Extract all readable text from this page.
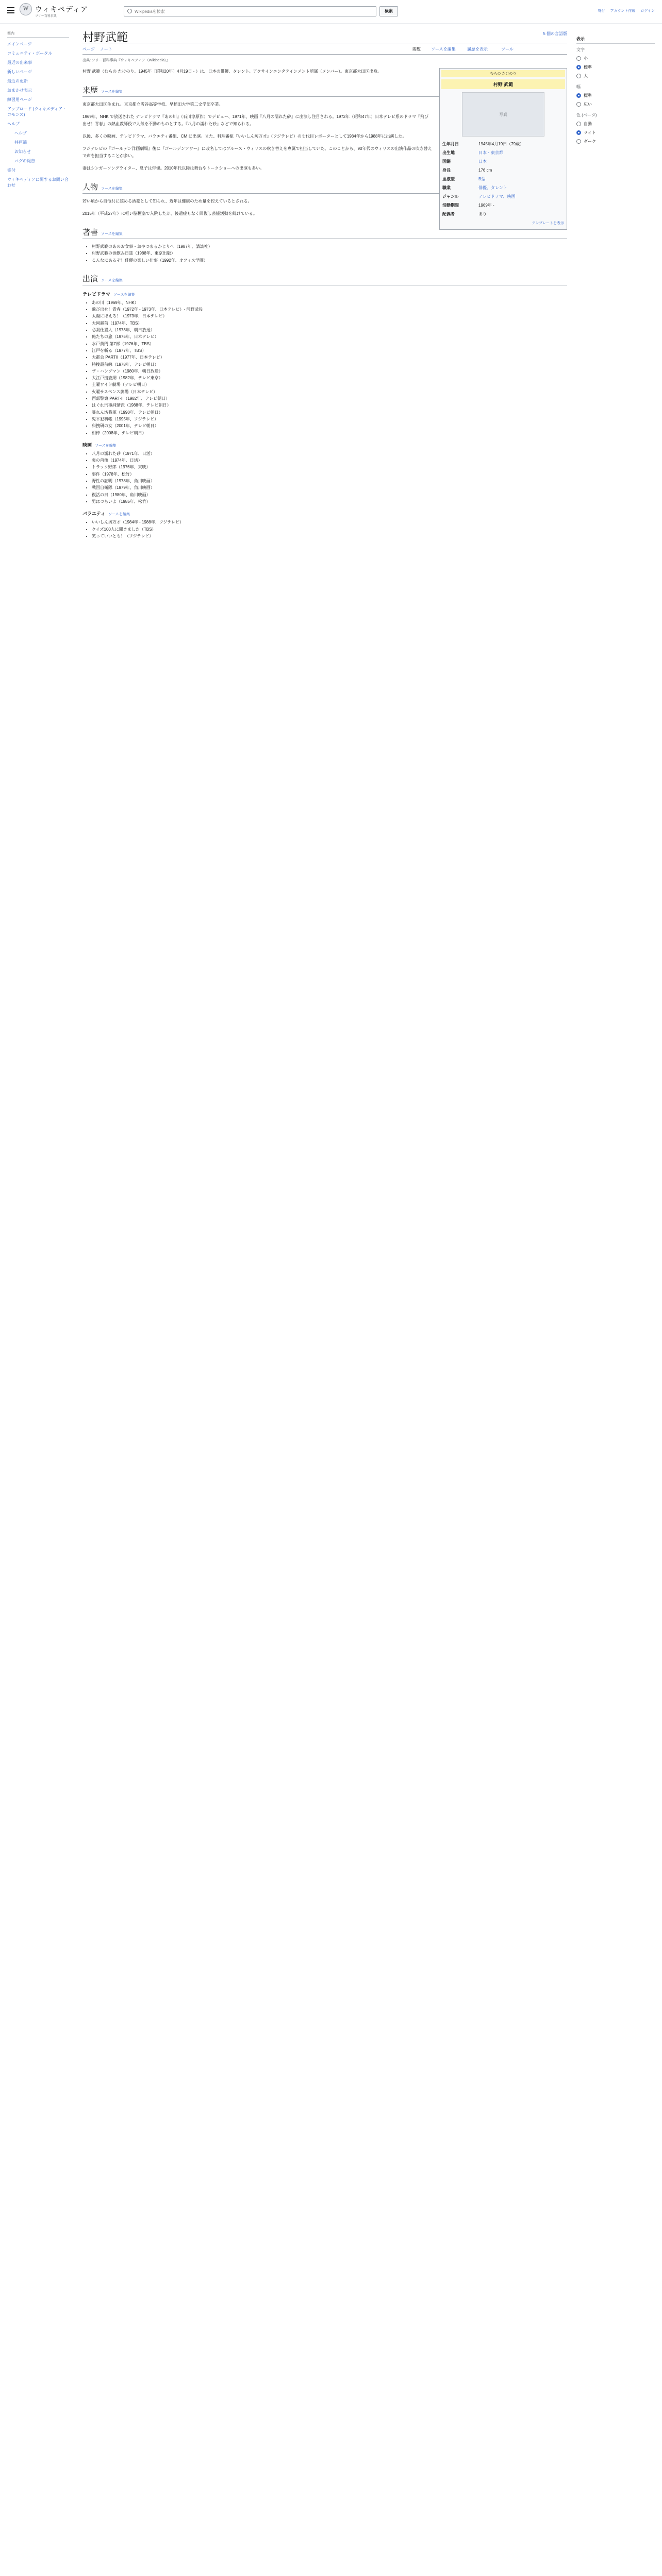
W ウィキペディア
フリー百科事典
Wikipediaを検索
検索	寄付 アカウント作成 ログイン
案内
メインページ
コミュニティ・ポータル
最近の出来事
新しいページ
最近の更新
おまかせ表示
練習用ページ
アップロード (ウィキメディア・コモンズ)
ヘルプ
ヘルプ
井戸端
お知らせ
バグの報告
寄付
ウィキペディアに関するお問い合わせ
表示
文字
小
標準
大
幅
標準
広い
色 (ベータ)
自動
ライト
ダーク
村野武範	5 個の言語版
ページ ノート	閲覧	ソースを編集	履歴を表示	ツール
出典: フリー百科事典『ウィキペディア（Wikipedia）』
むらの たけのり
村野 武範
写真
生年月日	1945年4月19日（79歳）
出生地	日本・東京都
国籍	日本
身長	176 cm
血液型	B型
職業	俳優、タレント
ジャンル	テレビドラマ、映画
活動期間	1969年 -
配偶者	あり
テンプレートを表示

村野 武範（むらの たけのり、1945年［昭和20年］4月19日 - ）は、日本の俳優、タレント。アクサインエンタテインメント所属（メンバー）。東京都大田区出身。

来歴 ソースを編集

東京都大田区生まれ。東京都立雪谷高等学校、早稲田大学第二文学部卒業。

1969年、NHK で放送された テレビドラマ『あの川』（石川淳原作）でデビュー、1971年、映画『八月の濡れた砂』に出演し注目される。1972年（昭和47年）日本テレビ系のドラマ『飛び出せ！青春』の熱血教師役で人気を不動のものとする。『八月の濡れた砂』などで知られる。

以後、多くの映画、テレビドラマ、バラエティ番組、CM に出演。また、料理番組『いいしん坊万才』（フジテレビ）の七代目レポーターとして1984年から1988年に出演した。

フジテレビの『ゴールデン洋画劇場』後に『ゴールデンアワー』に改名してはブルース・ウィリスの吹き替えを専属で担当していた。このことから、90年代のウィリスの出演作品の吹き替えで声を担当することが多い。

妻はシンガーソングライター、息子は俳優。2010年代以降は舞台やトークショーへの出演も多い。

人物 ソースを編集

若い頃から自他共に認める酒豪として知られ、近年は健康のため量を控えているとされる。

2015年（平成27年）に軽い脳梗塞で入院したが、後遺症もなく回復し芸能活動を続けている。

著書 ソースを編集
• 村野武範のあのお食事・おやつまるかじりへ（1987年、講談社）
• 村野武範の酒飲み日誌（1988年、東京出版）
• こんなにあるぞ！俳優の楽しい仕事（1992年、オフィス学園）
出演 ソースを編集
テレビドラマ ソースを編集
• あの川（1969年、NHK）
• 飛び出せ！青春（1972年 - 1973年、日本テレビ）- 河野武役
• 太陽にほえろ！（1973年、日本テレビ）
• 大岡越前（1974年、TBS）
• 必殺仕置人（1973年、朝日放送）
• 俺たちの旅（1975年、日本テレビ）
• 水戸黄門 第7部（1976年、TBS）
• 江戸を斬る（1977年、TBS）
• 大都会 PARTII（1977年、日本テレビ）
• 特捜最前線（1978年、テレビ朝日）
• ザ・ハングマン（1980年、朝日放送）
• 大江戸捜査網（1982年、テレビ東京）
• 土曜ワイド劇場（テレビ朝日）
• 火曜サスペンス劇場（日本テレビ）
• 西部警察 PART-II（1982年、テレビ朝日）
• はぐれ刑事純情派（1988年、テレビ朝日）
• 暴れん坊将軍（1990年、テレビ朝日）
• 鬼平犯科帳（1995年、フジテレビ）
• 科捜研の女（2001年、テレビ朝日）
• 相棒（2008年、テレビ朝日）
映画 ソースを編集
• 八月の濡れた砂（1971年、日活）
• 炎の肖像（1974年、日活）
• トラック野郎（1976年、東映）
• 事件（1978年、松竹）
• 野性の証明（1978年、角川映画）
• 戦国自衛隊（1979年、角川映画）
• 復活の日（1980年、角川映画）
• 男はつらいよ（1985年、松竹）
バラエティ ソースを編集
• いいしん坊万才（1984年 - 1988年、フジテレビ）
• クイズ100人に聞きました（TBS）
• 笑っていいとも！（フジテレビ）
